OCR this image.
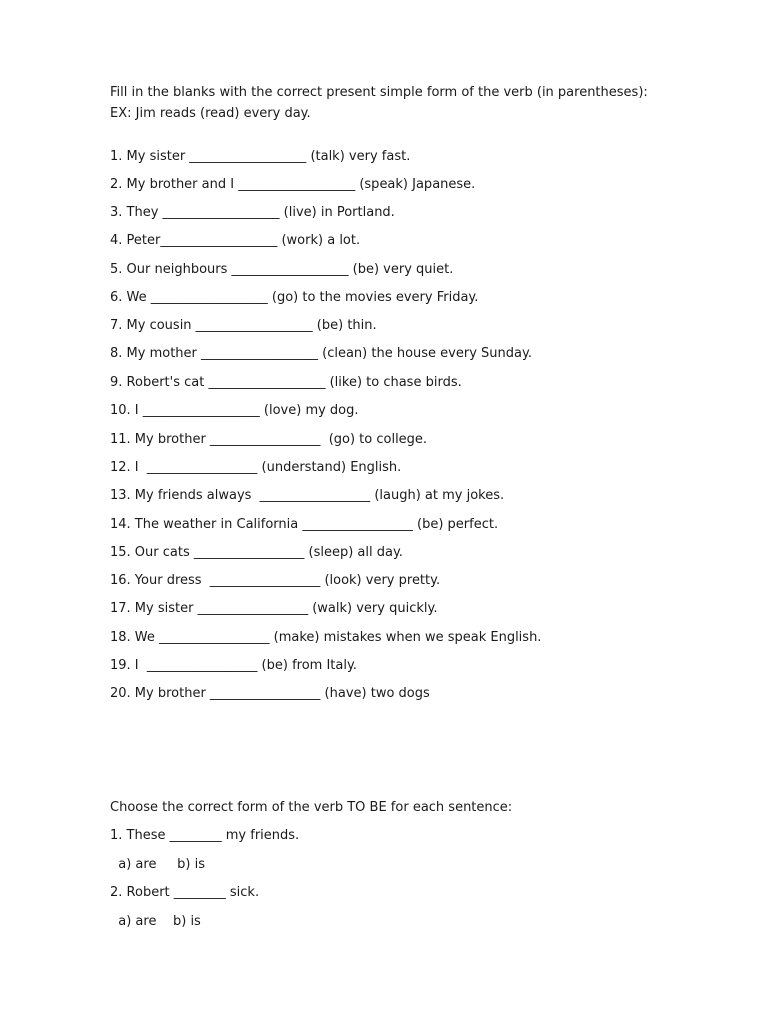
Fill in the blanks with the correct present simple form of the verb (in parentheses):
EX: Jim reads (read) every day.
1. My sister __________________ (talk) very fast.
2. My brother and I __________________ (speak) Japanese.
3. They __________________ (live) in Portland.
4. Peter__________________ (work) a lot.
5. Our neighbours __________________ (be) very quiet.
6. We __________________ (go) to the movies every Friday.
7. My cousin __________________ (be) thin.
8. My mother __________________ (clean) the house every Sunday.
9. Robert's cat __________________ (like) to chase birds.
10. I __________________ (love) my dog.
11. My brother _________________  (go) to college.
12. I  _________________ (understand) English.
13. My friends always  _________________ (laugh) at my jokes.
14. The weather in California _________________ (be) perfect.
15. Our cats _________________ (sleep) all day.
16. Your dress  _________________ (look) very pretty.
17. My sister _________________ (walk) very quickly.
18. We _________________ (make) mistakes when we speak English.
19. I  _________________ (be) from Italy.
20. My brother _________________ (have) two dogs
Choose the correct form of the verb TO BE for each sentence:
1. These ________ my friends.
a) are     b) is
2. Robert ________ sick.
a) are    b) is
